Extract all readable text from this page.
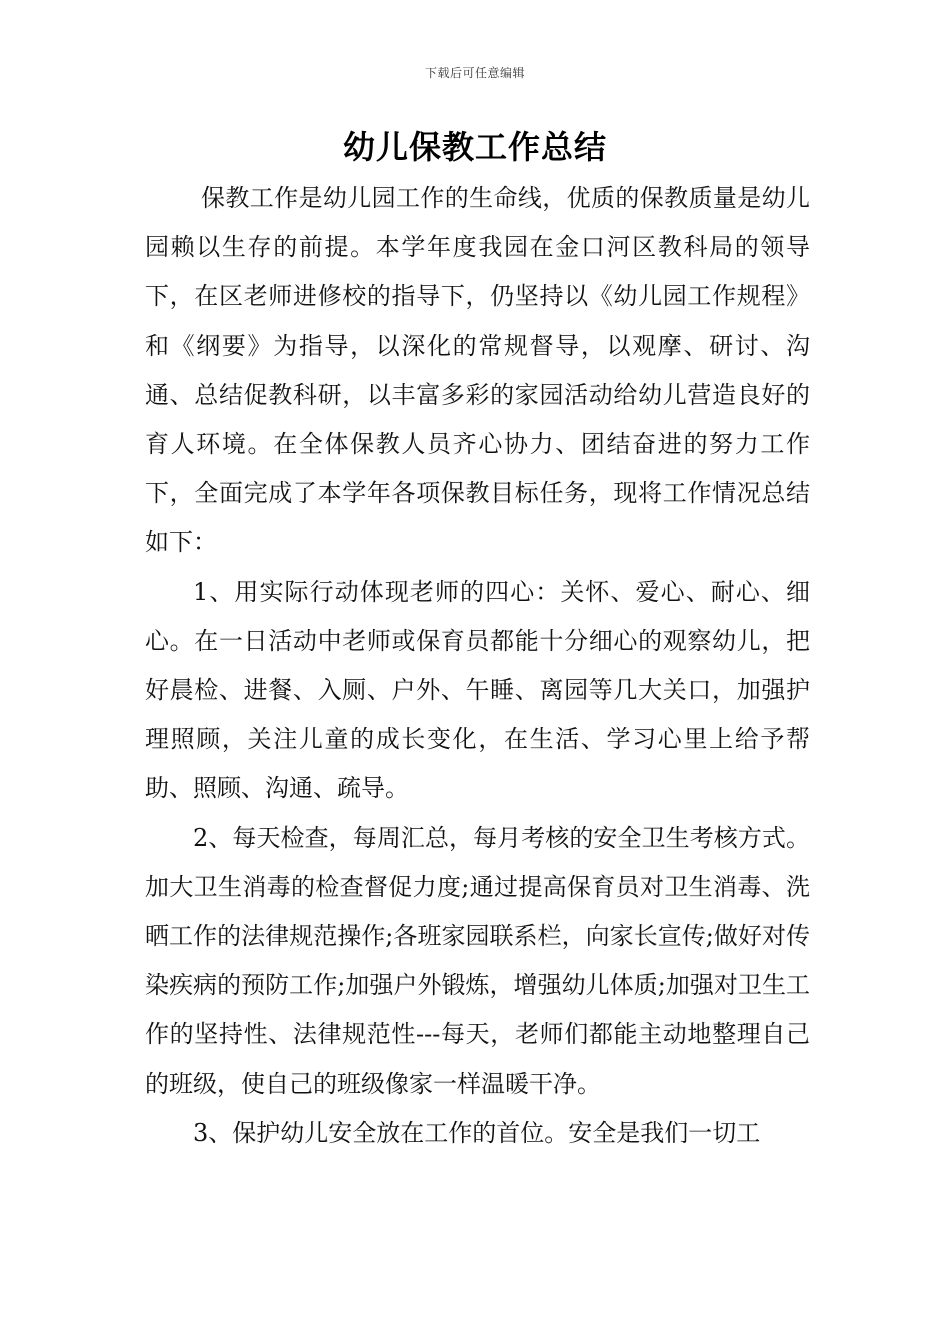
下载后可任意编辑
幼儿保教工作总结

保教工作是幼儿园工作的生命线，优质的保教质量是幼儿园赖以生存的前提。本学年度我园在金口河区教科局的领导下，在区老师进修校的指导下，仍坚持以《幼儿园工作规程》和《纲要》为指导，以深化的常规督导，以观摩、研讨、沟通、总结促教科研，以丰富多彩的家园活动给幼儿营造良好的育人环境。在全体保教人员齐心协力、团结奋进的努力工作下，全面完成了本学年各项保教目标任务，现将工作情况总结如下：

1、用实际行动体现老师的四心：关怀、爱心、耐心、细心。在一日活动中老师或保育员都能十分细心的观察幼儿，把好晨检、进餐、入厕、户外、午睡、离园等几大关口，加强护理照顾，关注儿童的成长变化，在生活、学习心里上给予帮助、照顾、沟通、疏导。

2、每天检查，每周汇总，每月考核的安全卫生考核方式。加大卫生消毒的检查督促力度;通过提高保育员对卫生消毒、洗晒工作的法律规范操作;各班家园联系栏，向家长宣传;做好对传染疾病的预防工作;加强户外锻炼，增强幼儿体质;加强对卫生工作的坚持性、法律规范性---每天，老师们都能主动地整理自己的班级，使自己的班级像家一样温暖干净。

3、保护幼儿安全放在工作的首位。安全是我们一切工
